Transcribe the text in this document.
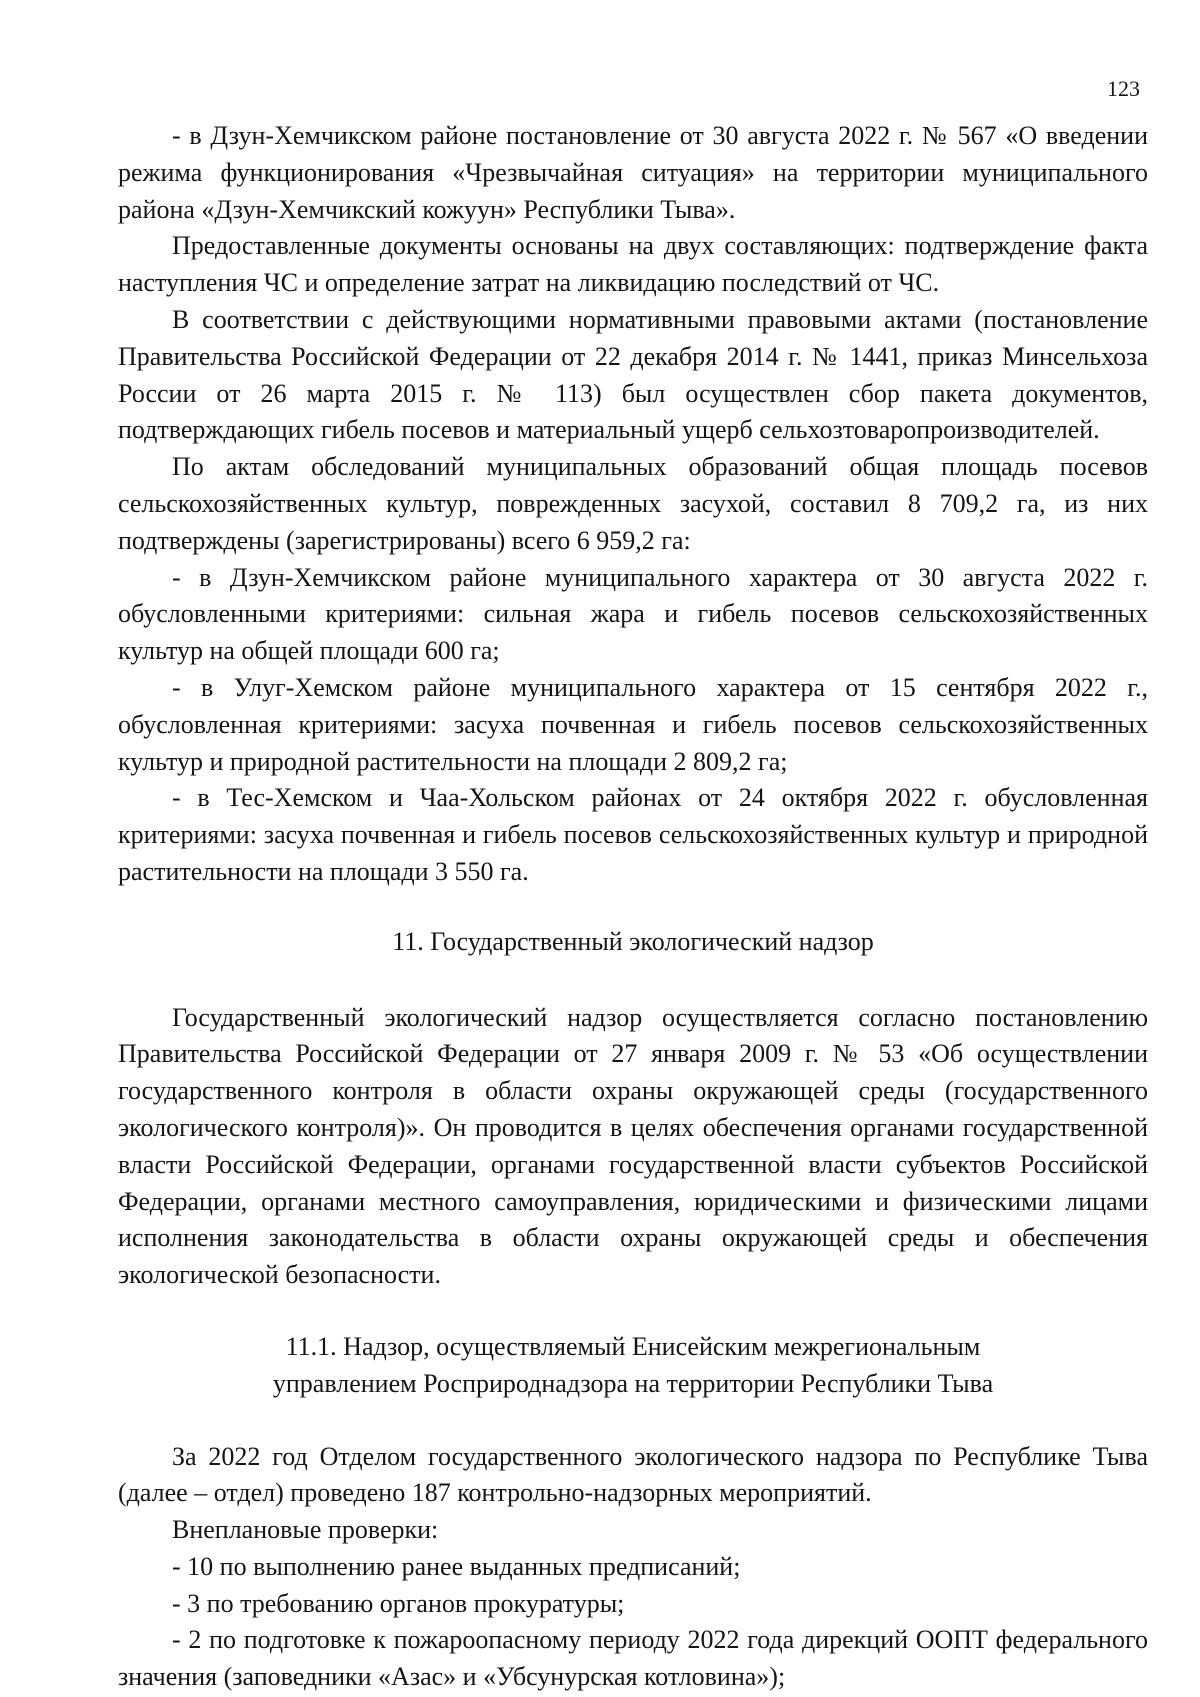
123

- в Дзун-Хемчикском районе постановление от 30 августа 2022 г. № 567 «О введении режима функционирования «Чрезвычайная ситуация» на территории муниципального района «Дзун-Хемчикский кожуун» Республики Тыва».

Предоставленные документы основаны на двух составляющих: подтверждение факта наступления ЧС и определение затрат на ликвидацию последствий от ЧС.

В соответствии с действующими нормативными правовыми актами (постановление Правительства Российской Федерации от 22 декабря 2014 г. № 1441, приказ Минсельхоза России от 26 марта 2015 г. № 113) был осуществлен сбор пакета документов, подтверждающих гибель посевов и материальный ущерб сельхозтоваропроизводителей.

По актам обследований муниципальных образований общая площадь посевов сельскохозяйственных культур, поврежденных засухой, составил 8 709,2 га, из них подтверждены (зарегистрированы) всего 6 959,2 га:

- в Дзун-Хемчикском районе муниципального характера от 30 августа 2022 г. обусловленными критериями: сильная жара и гибель посевов сельскохозяйственных культур на общей площади 600 га;

- в Улуг-Хемском районе муниципального характера от 15 сентября 2022 г., обусловленная критериями: засуха почвенная и гибель посевов сельскохозяйственных культур и природной растительности на площади 2 809,2 га;

- в Тес-Хемском и Чаа-Хольском районах от 24 октября 2022 г. обусловленная критериями: засуха почвенная и гибель посевов сельскохозяйственных культур и природной растительности на площади 3 550 га.

11. Государственный экологический надзор

Государственный экологический надзор осуществляется согласно постановлению Правительства Российской Федерации от 27 января 2009 г. № 53 «Об осуществлении государственного контроля в области охраны окружающей среды (государственного экологического контроля)». Он проводится в целях обеспечения органами государственной власти Российской Федерации, органами государственной власти субъектов Российской Федерации, органами местного самоуправления, юридическими и физическими лицами исполнения законодательства в области охраны окружающей среды и обеспечения экологической безопасности.

11.1. Надзор, осуществляемый Енисейским межрегиональным
управлением Росприроднадзора на территории Республики Тыва

За 2022 год Отделом государственного экологического надзора по Республике Тыва (далее – отдел) проведено 187 контрольно-надзорных мероприятий.

Внеплановые проверки:

- 10 по выполнению ранее выданных предписаний;

- 3 по требованию органов прокуратуры;

- 2 по подготовке к пожароопасному периоду 2022 года дирекций ООПТ федерального значения (заповедники «Азас» и «Убсунурская котловина»);
